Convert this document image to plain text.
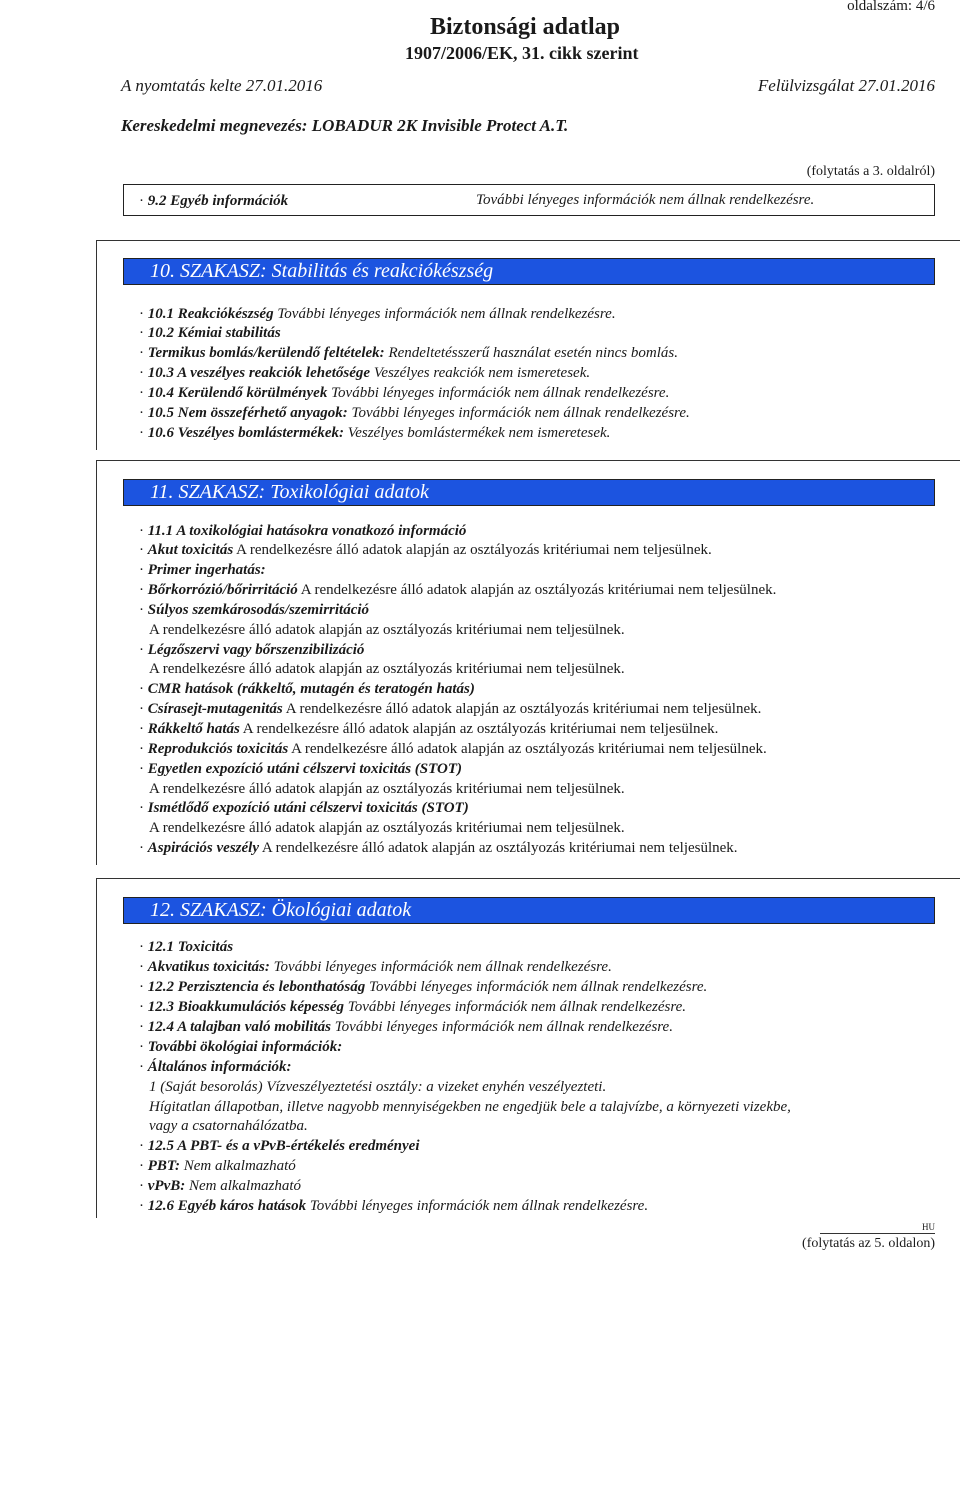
oldalszám: 4/6
Biztonsági adatlap
1907/2006/EK, 31. cikk szerint
A nyomtatás kelte 27.01.2016	Felülvizsgálat 27.01.2016
Kereskedelmi megnevezés: LOBADUR 2K Invisible Protect A.T.
(folytatás a 3. oldalról)
· 9.2 Egyéb információk	További lényeges információk nem állnak rendelkezésre.
10. SZAKASZ: Stabilitás és reakciókészség
· 10.1 Reakciókészség További lényeges információk nem állnak rendelkezésre.
· 10.2 Kémiai stabilitás
· Termikus bomlás/kerülendő feltételek: Rendeltetésszerű használat esetén nincs bomlás.
· 10.3 A veszélyes reakciók lehetősége Veszélyes reakciók nem ismeretesek.
· 10.4 Kerülendő körülmények További lényeges információk nem állnak rendelkezésre.
· 10.5 Nem összeférhető anyagok: További lényeges információk nem állnak rendelkezésre.
· 10.6 Veszélyes bomlástermékek: Veszélyes bomlástermékek nem ismeretesek.
11. SZAKASZ: Toxikológiai adatok
· 11.1 A toxikológiai hatásokra vonatkozó információ
· Akut toxicitás A rendelkezésre álló adatok alapján az osztályozás kritériumai nem teljesülnek.
· Primer ingerhatás:
· Bőrkorrózió/bőrirritáció A rendelkezésre álló adatok alapján az osztályozás kritériumai nem teljesülnek.
· Súlyos szemkárosodás/szemirritáció
A rendelkezésre álló adatok alapján az osztályozás kritériumai nem teljesülnek.
· Légzőszervi vagy bőrszenzibilizáció
A rendelkezésre álló adatok alapján az osztályozás kritériumai nem teljesülnek.
· CMR hatások (rákkeltő, mutagén és teratogén hatás)
· Csírasejt-mutagenitás A rendelkezésre álló adatok alapján az osztályozás kritériumai nem teljesülnek.
· Rákkeltő hatás A rendelkezésre álló adatok alapján az osztályozás kritériumai nem teljesülnek.
· Reprodukciós toxicitás A rendelkezésre álló adatok alapján az osztályozás kritériumai nem teljesülnek.
· Egyetlen expozíció utáni célszervi toxicitás (STOT)
A rendelkezésre álló adatok alapján az osztályozás kritériumai nem teljesülnek.
· Ismétlődő expozíció utáni célszervi toxicitás (STOT)
A rendelkezésre álló adatok alapján az osztályozás kritériumai nem teljesülnek.
· Aspirációs veszély A rendelkezésre álló adatok alapján az osztályozás kritériumai nem teljesülnek.
12. SZAKASZ: Ökológiai adatok
· 12.1 Toxicitás
· Akvatikus toxicitás: További lényeges információk nem állnak rendelkezésre.
· 12.2 Perzisztencia és lebonthatóság További lényeges információk nem állnak rendelkezésre.
· 12.3 Bioakkumulációs képesség További lényeges információk nem állnak rendelkezésre.
· 12.4 A talajban való mobilitás További lényeges információk nem állnak rendelkezésre.
· További ökológiai információk:
· Általános információk:
1 (Saját besorolás) Vízveszélyeztetési osztály: a vizeket enyhén veszélyezteti.
Hígitatlan állapotban, illetve nagyobb mennyiségekben ne engedjük bele a talajvízbe, a környezeti vizekbe,
vagy a csatornahálózatba.
· 12.5 A PBT- és a vPvB-értékelés eredményei
· PBT: Nem alkalmazható
· vPvB: Nem alkalmazható
· 12.6 Egyéb káros hatások További lényeges információk nem állnak rendelkezésre.
HU
(folytatás az 5. oldalon)
